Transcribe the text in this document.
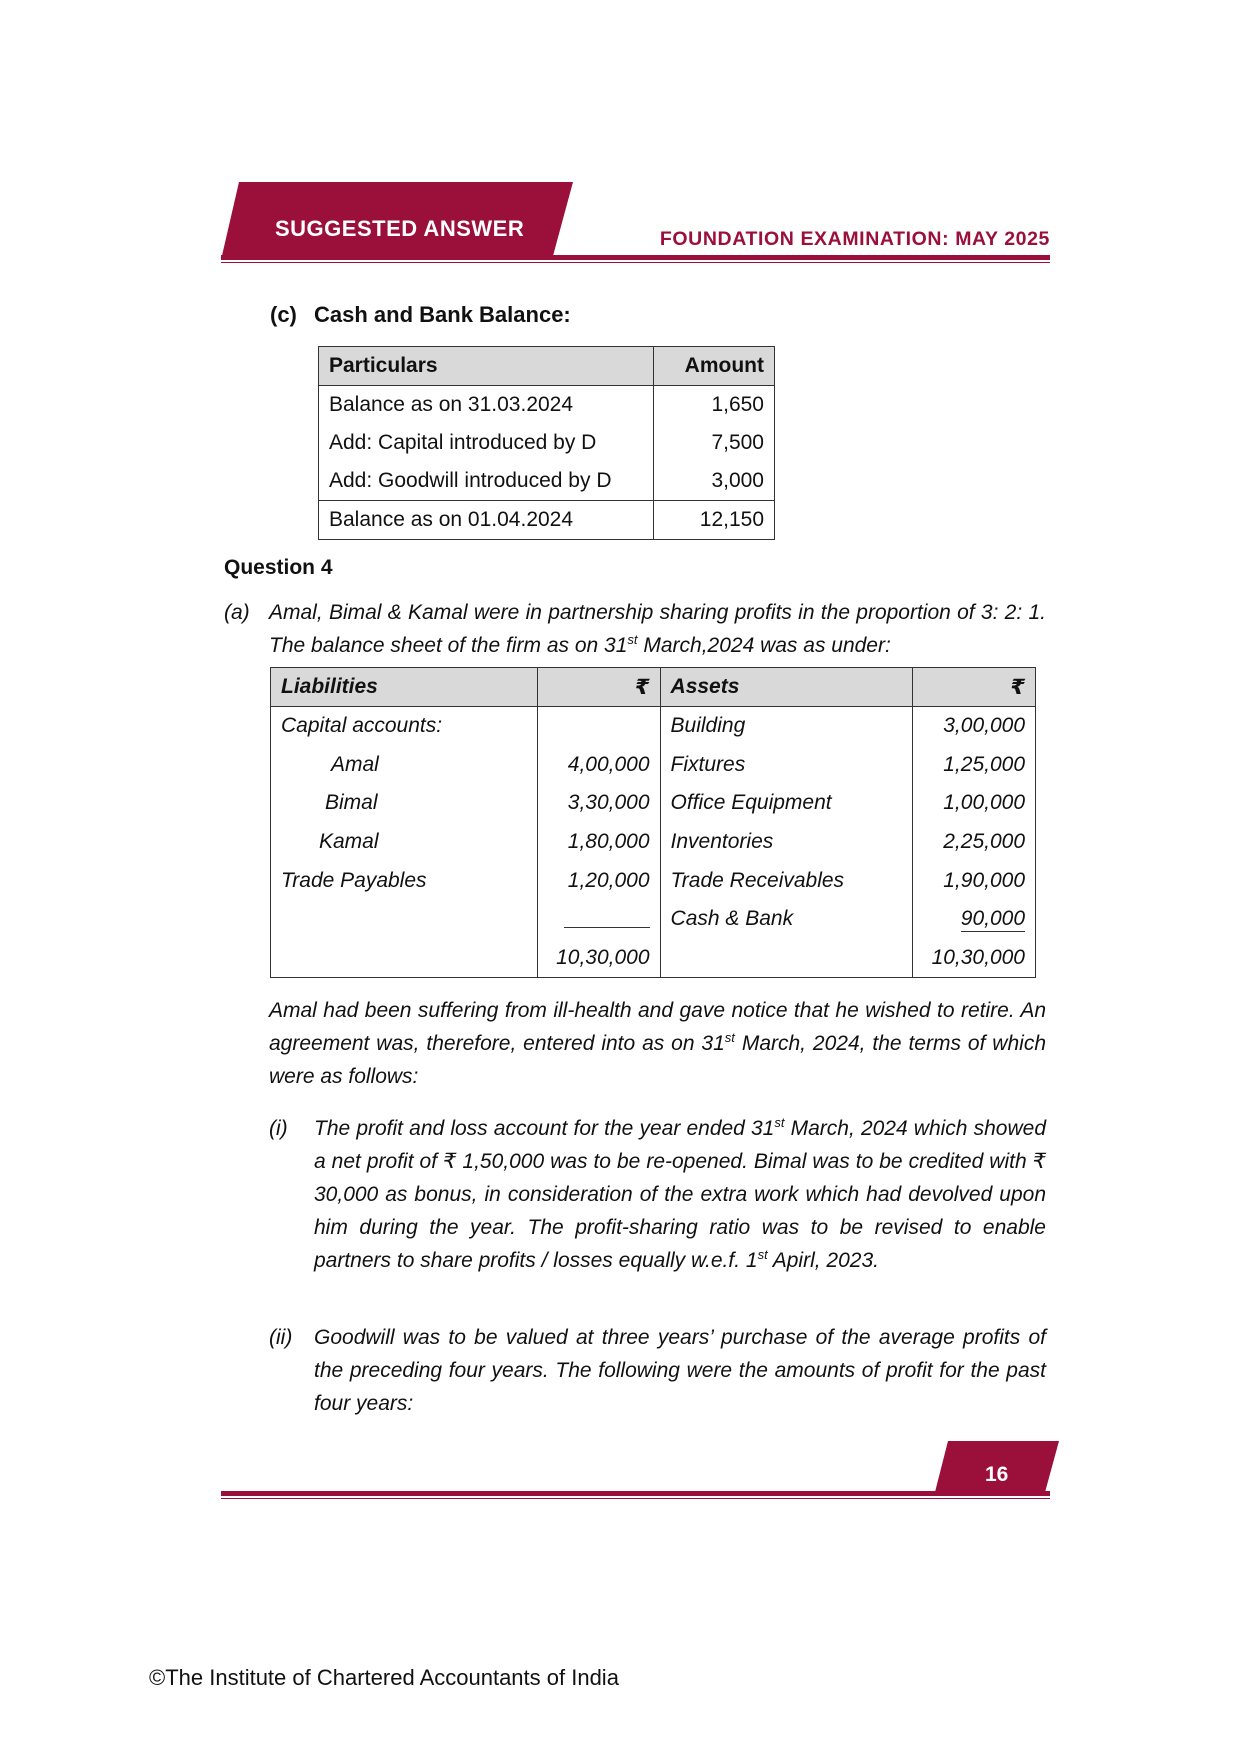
SUGGESTED ANSWER	FOUNDATION EXAMINATION: MAY 2025
(c) Cash and Bank Balance:
Particulars	Amount
Balance as on 31.03.2024	1,650
Add: Capital introduced by D	7,500
Add: Goodwill introduced by D	3,000
Balance as on 01.04.2024	12,150
Question 4
(a) Amal, Bimal & Kamal were in partnership sharing profits in the proportion of 3: 2: 1. The balance sheet of the firm as on 31st March,2024 was as under:
Liabilities	₹	Assets	₹
Capital accounts:		Building	3,00,000
Amal	4,00,000	Fixtures	1,25,000
Bimal	3,30,000	Office Equipment	1,00,000
Kamal	1,80,000	Inventories	2,25,000
Trade Payables	1,20,000	Trade Receivables	1,90,000
		Cash & Bank	90,000
	10,30,000		10,30,000
Amal had been suffering from ill-health and gave notice that he wished to retire. An agreement was, therefore, entered into as on 31st March, 2024, the terms of which were as follows:
(i) The profit and loss account for the year ended 31st March, 2024 which showed a net profit of ₹ 1,50,000 was to be re-opened. Bimal was to be credited with ₹ 30,000 as bonus, in consideration of the extra work which had devolved upon him during the year. The profit-sharing ratio was to be revised to enable partners to share profits / losses equally w.e.f. 1st Apirl, 2023.
(ii) Goodwill was to be valued at three years’ purchase of the average profits of the preceding four years. The following were the amounts of profit for the past four years:
16
©The Institute of Chartered Accountants of India
